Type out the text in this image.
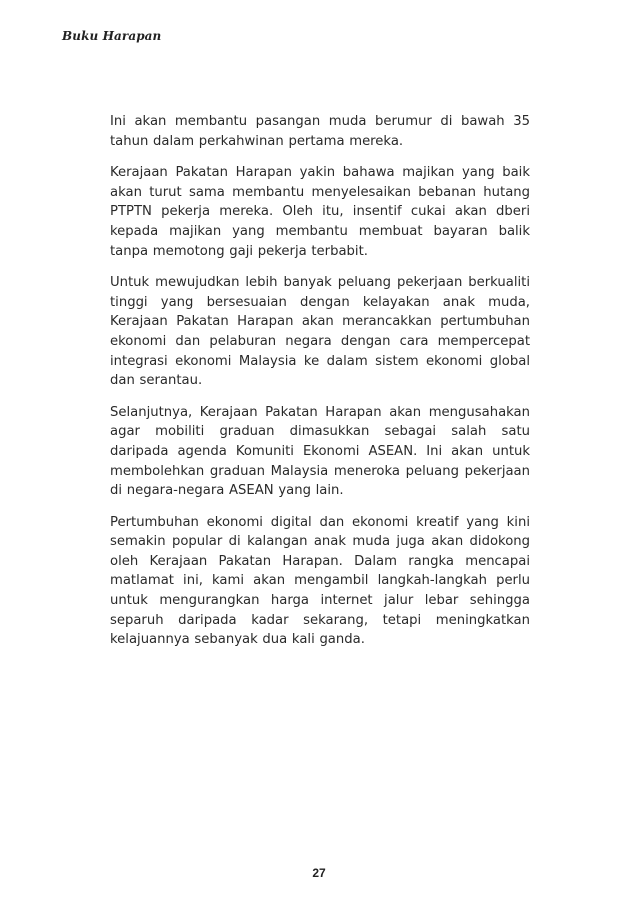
Buku Harapan

Ini akan membantu pasangan muda berumur di bawah 35 tahun dalam perkahwinan pertama mereka.

Kerajaan Pakatan Harapan yakin bahawa majikan yang baik akan turut sama membantu menyelesaikan bebanan hutang PTPTN pekerja mereka. Oleh itu, insentif cukai akan dberi kepada majikan yang membantu membuat bayaran balik tanpa memotong gaji pekerja terbabit.

Untuk mewujudkan lebih banyak peluang pekerjaan berkualiti tinggi yang bersesuaian dengan kelayakan anak muda, Kerajaan Pakatan Harapan akan merancakkan pertumbuhan ekonomi dan pelaburan negara dengan cara mempercepat integrasi ekonomi Malaysia ke dalam sistem ekonomi global dan serantau.

Selanjutnya, Kerajaan Pakatan Harapan akan mengusahakan agar mobiliti graduan dimasukkan sebagai salah satu daripada agenda Komuniti Ekonomi ASEAN. Ini akan untuk membolehkan graduan Malaysia meneroka peluang pekerjaan di negara-negara ASEAN yang lain.

Pertumbuhan ekonomi digital dan ekonomi kreatif yang kini semakin popular di kalangan anak muda juga akan didokong oleh Kerajaan Pakatan Harapan. Dalam rangka mencapai matlamat ini, kami akan mengambil langkah-langkah perlu untuk mengurangkan harga internet jalur lebar sehingga separuh daripada kadar sekarang, tetapi meningkatkan kelajuannya sebanyak dua kali ganda.

27
